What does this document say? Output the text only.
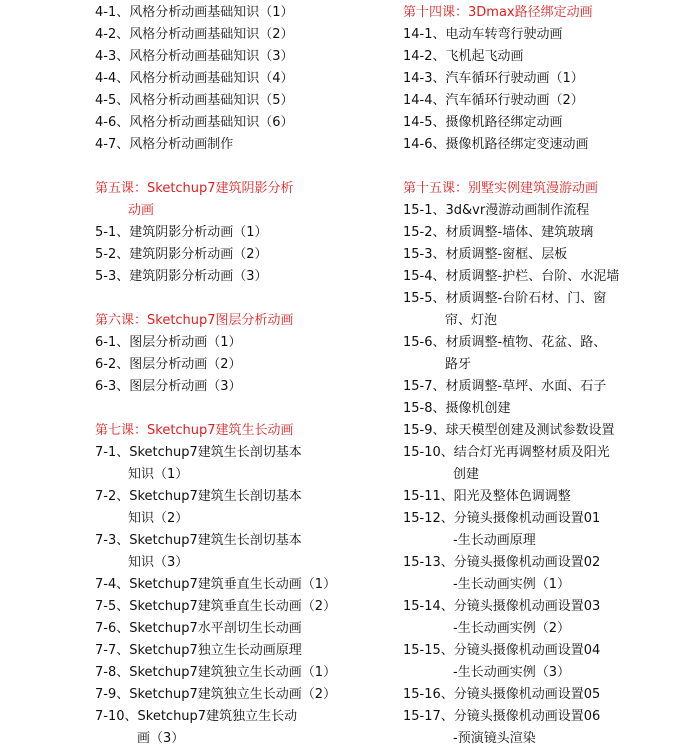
4-1、风格分析动画基础知识（1）
4-2、风格分析动画基础知识（2）
4-3、风格分析动画基础知识（3）
4-4、风格分析动画基础知识（4）
4-5、风格分析动画基础知识（5）
4-6、风格分析动画基础知识（6）
4-7、风格分析动画制作
第五课：Sketchup7建筑阴影分析
动画
5-1、建筑阴影分析动画（1）
5-2、建筑阴影分析动画（2）
5-3、建筑阴影分析动画（3）
第六课：Sketchup7图层分析动画
6-1、图层分析动画（1）
6-2、图层分析动画（2）
6-3、图层分析动画（3）
第七课：Sketchup7建筑生长动画
7-1、Sketchup7建筑生长剖切基本
知识（1）
7-2、Sketchup7建筑生长剖切基本
知识（2）
7-3、Sketchup7建筑生长剖切基本
知识（3）
7-4、Sketchup7建筑垂直生长动画（1）
7-5、Sketchup7建筑垂直生长动画（2）
7-6、Sketchup7水平剖切生长动画
7-7、Sketchup7独立生长动画原理
7-8、Sketchup7建筑独立生长动画（1）
7-9、Sketchup7建筑独立生长动画（2）
7-10、Sketchup7建筑独立生长动
画（3）
第十四课：3Dmax路径绑定动画
14-1、电动车转弯行驶动画
14-2、飞机起飞动画
14-3、汽车循环行驶动画（1）
14-4、汽车循环行驶动画（2）
14-5、摄像机路径绑定动画
14-6、摄像机路径绑定变速动画
第十五课：别墅实例建筑漫游动画
15-1、3d&vr漫游动画制作流程
15-2、材质调整-墙体、建筑玻璃
15-3、材质调整-窗框、层板
15-4、材质调整-护栏、台阶、水泥墙
15-5、材质调整-台阶石材、门、窗
帘、灯泡
15-6、材质调整-植物、花盆、路、
路牙
15-7、材质调整-草坪、水面、石子
15-8、摄像机创建
15-9、球天模型创建及测试参数设置
15-10、结合灯光再调整材质及阳光
创建
15-11、阳光及整体色调调整
15-12、分镜头摄像机动画设置01
-生长动画原理
15-13、分镜头摄像机动画设置02
-生长动画实例（1）
15-14、分镜头摄像机动画设置03
-生长动画实例（2）
15-15、分镜头摄像机动画设置04
-生长动画实例（3）
15-16、分镜头摄像机动画设置05
15-17、分镜头摄像机动画设置06
-预演镜头渲染
